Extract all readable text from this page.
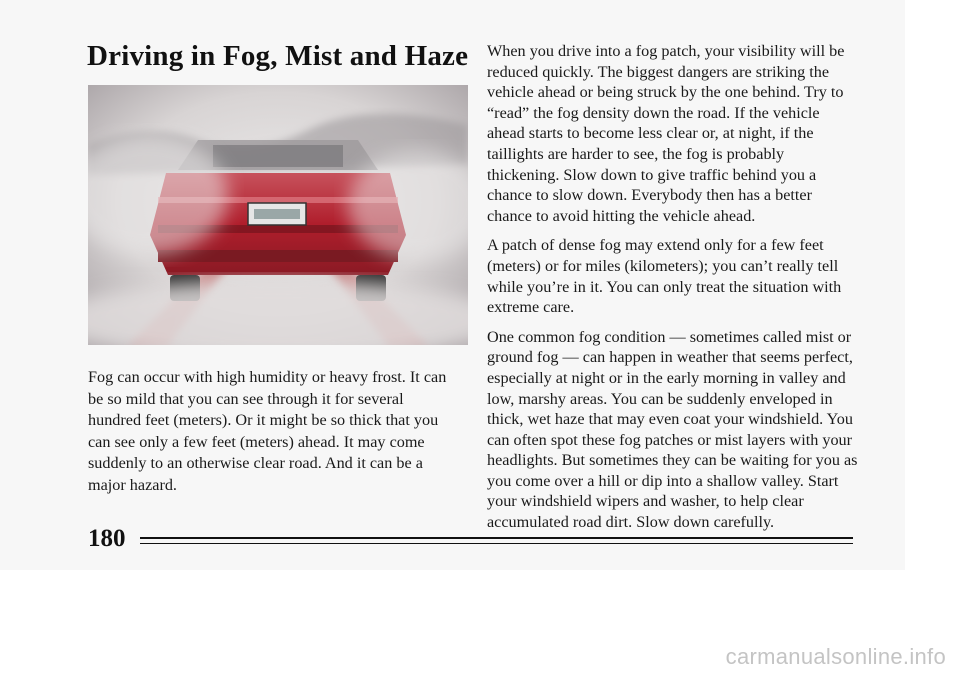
Driving in Fog, Mist and Haze

Fog can occur with high humidity or heavy frost. It can be so mild that you can see through it for several hundred feet (meters). Or it might be so thick that you can see only a few feet (meters) ahead. It may come suddenly to an otherwise clear road. And it can be a major hazard.

When you drive into a fog patch, your visibility will be reduced quickly. The biggest dangers are striking the vehicle ahead or being struck by the one behind. Try to “read” the fog density down the road. If the vehicle ahead starts to become less clear or, at night, if the taillights are harder to see, the fog is probably thickening. Slow down to give traffic behind you a chance to slow down. Everybody then has a better chance to avoid hitting the vehicle ahead.

A patch of dense fog may extend only for a few feet (meters) or for miles (kilometers); you can’t really tell while you’re in it. You can only treat the situation with extreme care.

One common fog condition — sometimes called mist or ground fog — can happen in weather that seems perfect, especially at night or in the early morning in valley and low, marshy areas. You can be suddenly enveloped in thick, wet haze that may even coat your windshield. You can often spot these fog patches or mist layers with your headlights. But sometimes they can be waiting for you as you come over a hill or dip into a shallow valley. Start your windshield wipers and washer, to help clear accumulated road dirt. Slow down carefully.

180
carmanualsonline.info
